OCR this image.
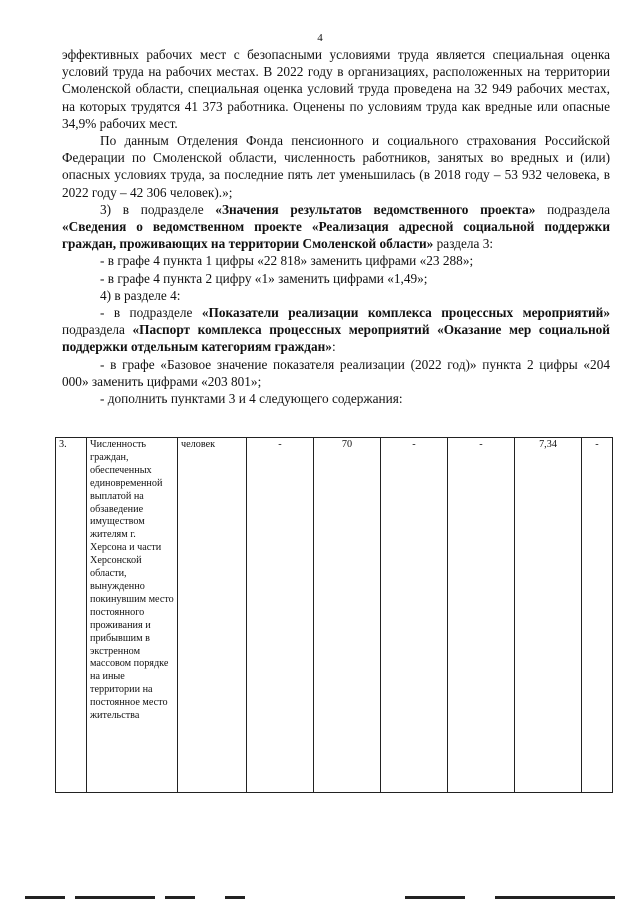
4

эффективных рабочих мест с безопасными условиями труда является специальная оценка условий труда на рабочих местах. В 2022 году в организациях, расположенных на территории Смоленской области, специальная оценка условий труда проведена на 32 949 рабочих местах, на которых трудятся 41 373 работника. Оценены по условиям труда как вредные или опасные 34,9% рабочих мест.

По данным Отделения Фонда пенсионного и социального страхования Российской Федерации по Смоленской области, численность работников, занятых во вредных и (или) опасных условиях труда, за последние пять лет уменьшилась (в 2018 году – 53 932 человека, в 2022 году – 42 306 человек).»;

3) в подразделе «Значения результатов ведомственного проекта» подраздела «Сведения о ведомственном проекте «Реализация адресной социальной поддержки граждан, проживающих на территории Смоленской области» раздела 3:

- в графе 4 пункта 1 цифры «22 818» заменить цифрами «23 288»;

- в графе 4 пункта 2 цифру «1» заменить цифрами «1,49»;

4) в разделе 4:

- в подразделе «Показатели реализации комплекса процессных мероприятий» подраздела «Паспорт комплекса процессных мероприятий «Оказание мер социальной поддержки отдельным категориям граждан»:

- в графе «Базовое значение показателя реализации (2022 год)» пункта 2 цифры «204 000» заменить цифрами «203 801»;

- дополнить пунктами 3 и 4 следующего содержания:

3.	Численность граждан, обеспеченных единовременной выплатой на обзаведение имуществом жителям г. Херсона и части Херсонской области, вынужденно покинувшим место постоянного проживания и прибывшим в экстренном массовом порядке на иные территории на постоянное место жительства	человек	-	70	-	-	7,34	-
